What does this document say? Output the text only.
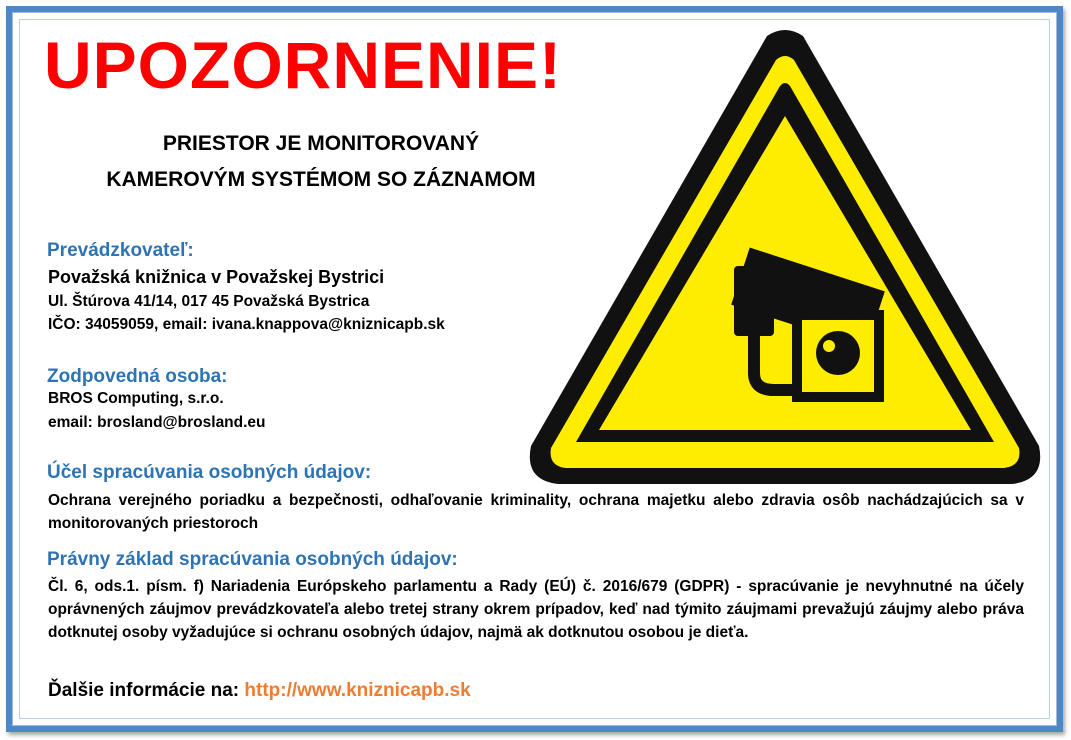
UPOZORNENIE!
PRIESTOR JE MONITOROVANÝ
KAMEROVÝM SYSTÉMOM SO ZÁZNAMOM
Prevádzkovateľ:
Považská knižnica v Považskej Bystrici
Ul. Štúrova 41/14, 017 45 Považská Bystrica
IČO: 34059059, email: ivana.knappova@kniznicapb.sk
Zodpovedná osoba:
BROS Computing, s.r.o.
email: brosland@brosland.eu
Účel spracúvania osobných údajov:
Ochrana verejného poriadku a bezpečnosti, odhaľovanie kriminality, ochrana majetku alebo zdravia osôb nachádzajúcich sa v monitorovaných priestoroch
Právny základ spracúvania osobných údajov:
Čl. 6, ods.1. písm. f) Nariadenia Európskeho parlamentu a Rady (EÚ) č. 2016/679 (GDPR) - spracúvanie je nevyhnutné na účely oprávnených záujmov prevádzkovateľa alebo tretej strany okrem prípadov, keď nad týmito záujmami prevažujú záujmy alebo práva dotknutej osoby vyžadujúce si ochranu osobných údajov, najmä ak dotknutou osobou je dieťa.
Ďalšie informácie na: http://www.kniznicapb.sk
